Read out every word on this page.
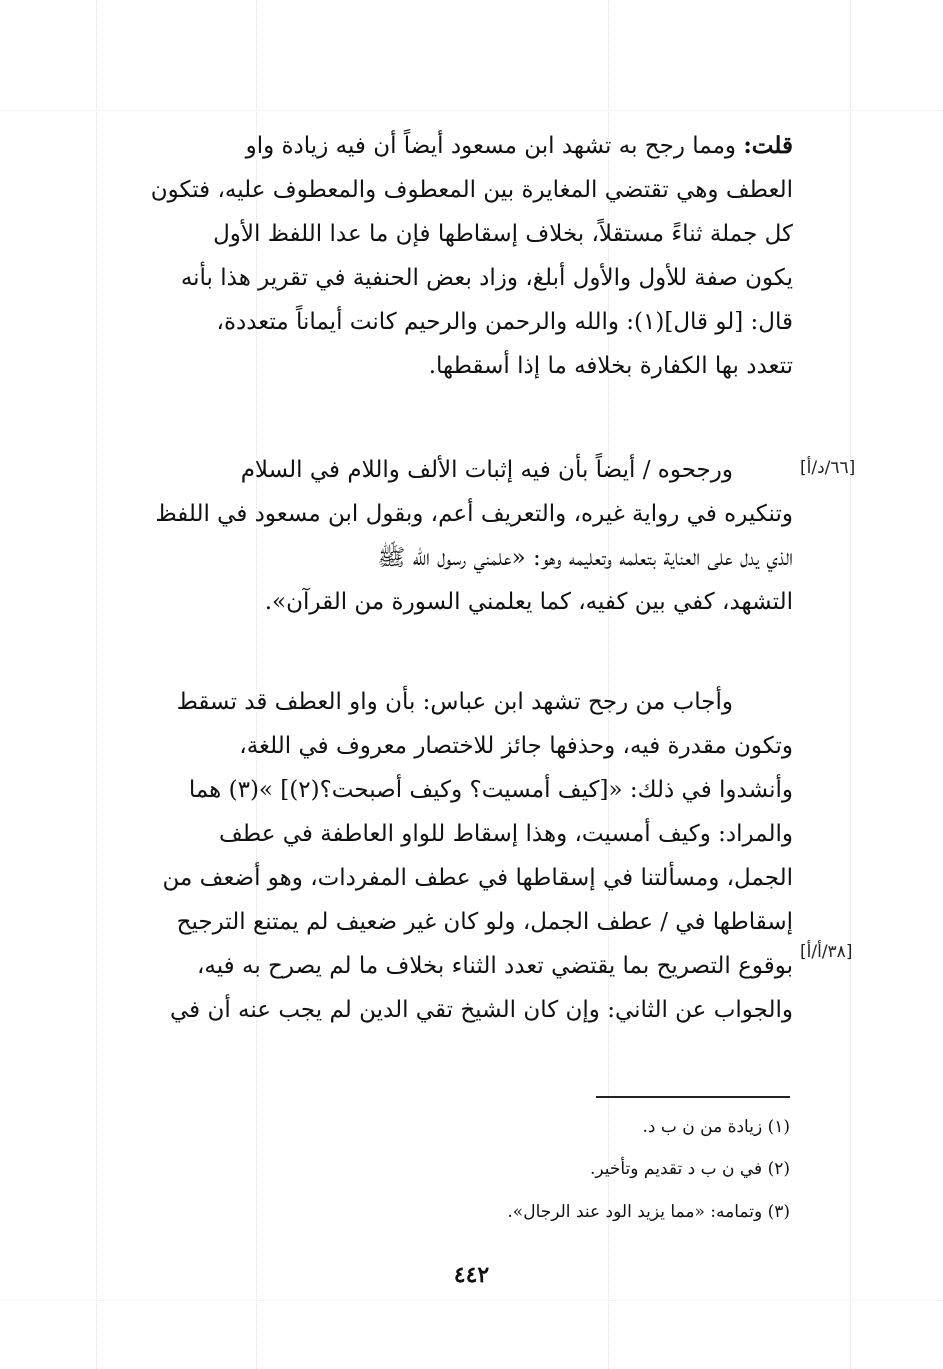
قلت: ومما رجح به تشهد ابن مسعود أيضاً أن فيه زيادة واو
العطف وهي تقتضي المغايرة بين المعطوف والمعطوف عليه، فتكون
كل جملة ثناءً مستقلاً، بخلاف إسقاطها فإن ما عدا اللفظ الأول
يكون صفة للأول والأول أبلغ، وزاد بعض الحنفية في تقرير هذا بأنه
قال: [لو قال](١): والله والرحمن والرحيم كانت أيماناً متعددة،
تتعدد بها الكفارة بخلافه ما إذا أسقطها.
ورجحوه / أيضاً بأن فيه إثبات الألف واللام في السلام
وتنكيره في رواية غيره، والتعريف أعم، وبقول ابن مسعود في اللفظ
الذي يدل على العناية بتعلمه وتعليمه وهو: «علمني رسول الله ﷺ
التشهد، كفي بين كفيه، كما يعلمني السورة من القرآن».
وأجاب من رجح تشهد ابن عباس: بأن واو العطف قد تسقط
وتكون مقدرة فيه، وحذفها جائز للاختصار معروف في اللغة،
وأنشدوا في ذلك: «[كيف أمسيت؟ وكيف أصبحت؟(٢)] »(٣) هما
والمراد: وكيف أمسيت، وهذا إسقاط للواو العاطفة في عطف
الجمل، ومسألتنا في إسقاطها في عطف المفردات، وهو أضعف من
إسقاطها في / عطف الجمل، ولو كان غير ضعيف لم يمتنع الترجيح
بوقوع التصريح بما يقتضي تعدد الثناء بخلاف ما لم يصرح به فيه،
والجواب عن الثاني: وإن كان الشيخ تقي الدين لم يجب عنه أن في
[٦٦/د/أ]
[٣٨/أ/أ]
(١) زيادة من ن ب د.
(٢) في ن ب د تقديم وتأخير.
(٣) وتمامه: «مما يزيد الود عند الرجال».
٤٤٢
